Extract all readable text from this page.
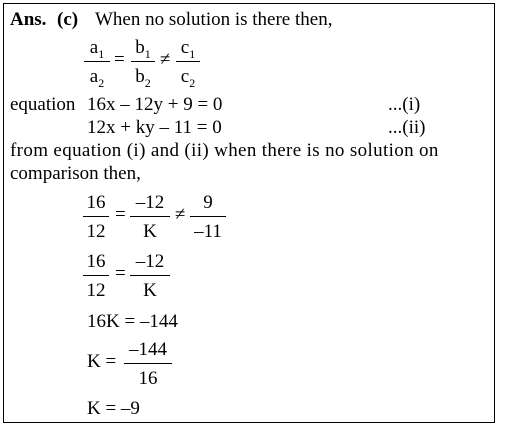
Ans. (c) When no solution is there then,
$a_1$
$a_2$
=
$b_1$
$b_2$
≠
$c_1$
$c_2$
equation 16x – 12y + 9 = 0	...(i)
12x + ky – 11 = 0	...(ii)
from equation (i) and (ii) when there is no solution on
comparison then,
16
12
=
–12
K
≠
9
–11
16
12
=
–12
K
16K = –144
K =
–144
16
K = –9
